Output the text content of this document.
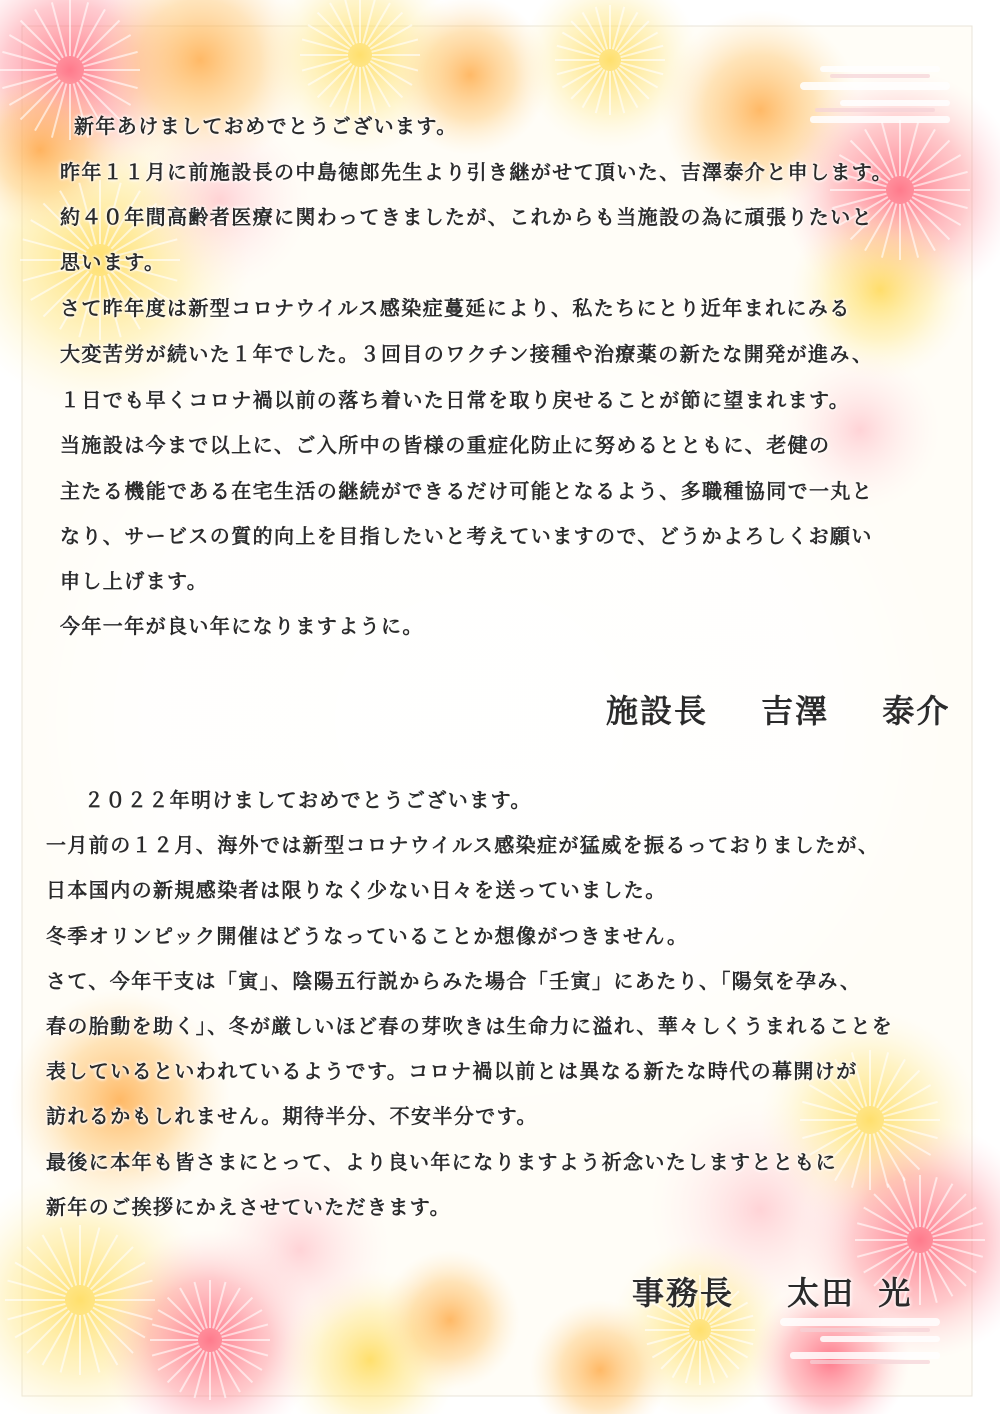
新年あけましておめでとうございます。
昨年１１月に前施設長の中島徳郎先生より引き継がせて頂いた、吉澤泰介と申します。
約４０年間高齢者医療に関わってきましたが、これからも当施設の為に頑張りたいと
思います。
さて昨年度は新型コロナウイルス感染症蔓延により、私たちにとり近年まれにみる
大変苦労が続いた１年でした。３回目のワクチン接種や治療薬の新たな開発が進み、
１日でも早くコロナ禍以前の落ち着いた日常を取り戻せることが節に望まれます。
当施設は今まで以上に、ご入所中の皆様の重症化防止に努めるとともに、老健の
主たる機能である在宅生活の継続ができるだけ可能となるよう、多職種協同で一丸と
なり、サービスの質的向上を目指したいと考えていますので、どうかよろしくお願い
申し上げます。
今年一年が良い年になりますように。
施設長 吉澤 泰介
２０２２年明けましておめでとうございます。
一月前の１２月、海外では新型コロナウイルス感染症が猛威を振るっておりましたが、
日本国内の新規感染者は限りなく少ない日々を送っていました。
冬季オリンピック開催はどうなっていることか想像がつきません。
さて、今年干支は「寅」、陰陽五行説からみた場合「壬寅」にあたり、「陽気を孕み、
春の胎動を助く」、冬が厳しいほど春の芽吹きは生命力に溢れ、華々しくうまれることを
表しているといわれているようです。コロナ禍以前とは異なる新たな時代の幕開けが
訪れるかもしれません。期待半分、不安半分です。
最後に本年も皆さまにとって、より良い年になりますよう祈念いたしますとともに
新年のご挨拶にかえさせていただきます。
事務長 太田 光
